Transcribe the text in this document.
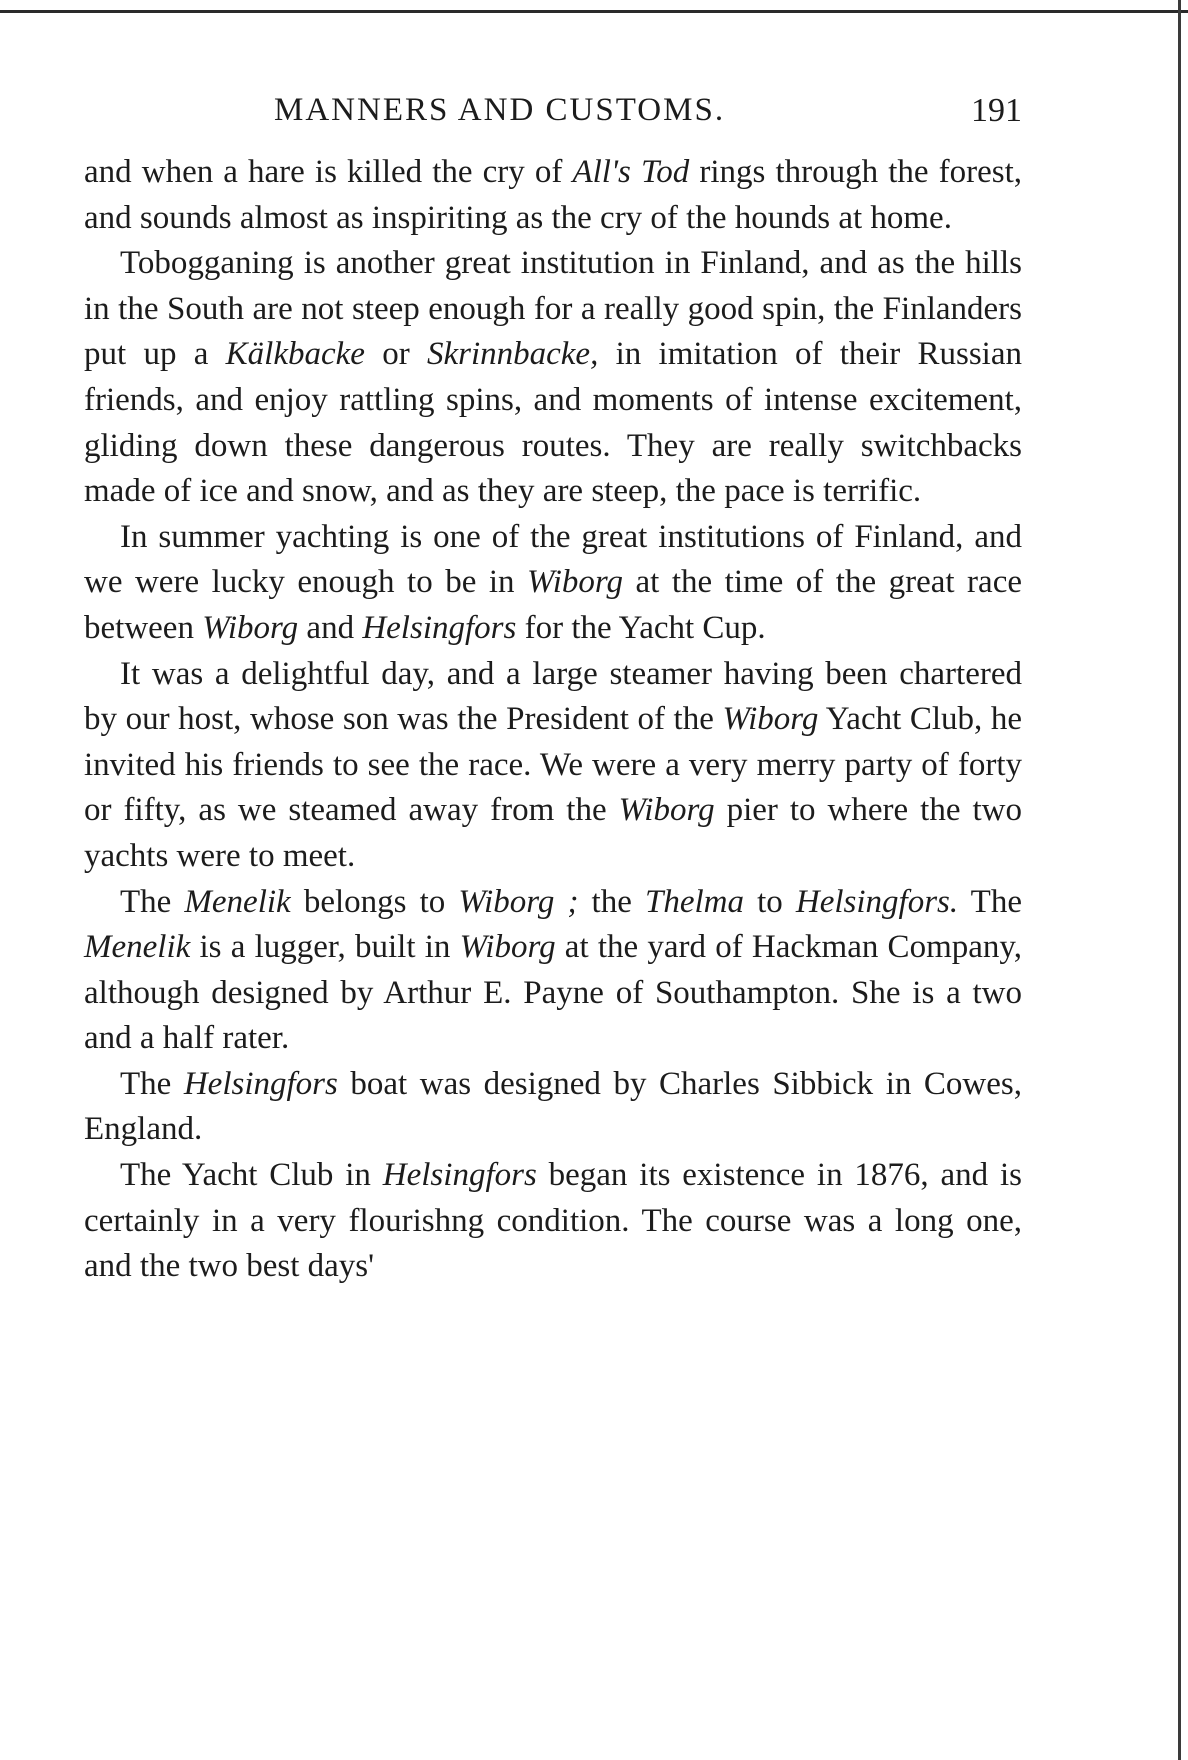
MANNERS AND CUSTOMS.	191

and when a hare is killed the cry of All's Tod rings through the forest, and sounds almost as inspiriting as the cry of the hounds at home.

Tobogganing is another great institution in Finland, and as the hills in the South are not steep enough for a really good spin, the Finlanders put up a Kälkbacke or Skrinnbacke, in imitation of their Russian friends, and enjoy rattling spins, and moments of intense excitement, gliding down these dangerous routes. They are really switchbacks made of ice and snow, and as they are steep, the pace is terrific.

In summer yachting is one of the great institutions of Finland, and we were lucky enough to be in Wiborg at the time of the great race between Wiborg and Helsingfors for the Yacht Cup.

It was a delightful day, and a large steamer having been chartered by our host, whose son was the President of the Wiborg Yacht Club, he invited his friends to see the race. We were a very merry party of forty or fifty, as we steamed away from the Wiborg pier to where the two yachts were to meet.

The Menelik belongs to Wiborg ; the Thelma to Helsingfors. The Menelik is a lugger, built in Wiborg at the yard of Hackman Company, although designed by Arthur E. Payne of Southampton. She is a two and a half rater.

The Helsingfors boat was designed by Charles Sibbick in Cowes, England.

The Yacht Club in Helsingfors began its existence in 1876, and is certainly in a very flourishng condition. The course was a long one, and the two best days'
